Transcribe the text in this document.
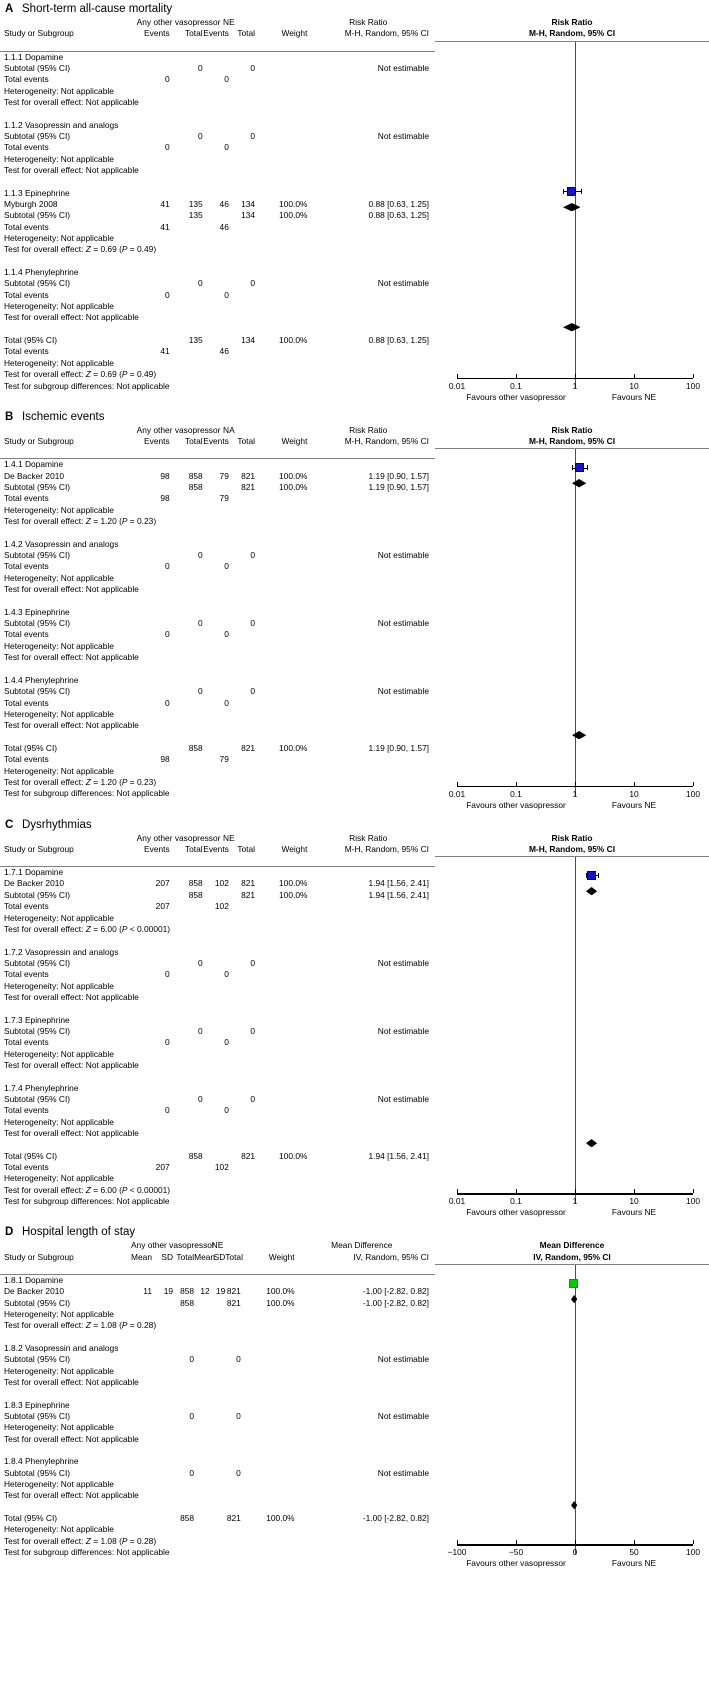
A Short-term all-cause mortality
	Any other vasopressor		NE			Risk Ratio
Study or Subgroup	Events	Total	Events	Total	Weight	M-H, Random, 95% CI

1.1.1 Dopamine						
Subtotal (95% CI)		0		0		Not estimable
Total events	0		0			
Heterogeneity: Not applicable						
Test for overall effect: Not applicable						

1.1.2 Vasopressin and analogs						
Subtotal (95% CI)		0		0		Not estimable
Total events	0		0			
Heterogeneity: Not applicable						
Test for overall effect: Not applicable						

1.1.3 Epinephrine						
Myburgh 2008	41	135	46	134	100.0%	0.88 [0.63, 1.25]
Subtotal (95% CI)		135		134	100.0%	0.88 [0.63, 1.25]
Total events	41		46			
Heterogeneity: Not applicable						
Test for overall effect: Z = 0.69 (P = 0.49)						

1.1.4 Phenylephrine						
Subtotal (95% CI)		0		0		Not estimable
Total events	0		0			
Heterogeneity: Not applicable						
Test for overall effect: Not applicable						

Total (95% CI)		135		134	100.0%	0.88 [0.63, 1.25]
Total events	41		46			
Heterogeneity: Not applicable						
Test for overall effect: Z = 0.69 (P = 0.49)						
Test for subgroup differences: Not applicable						

Risk Ratio
M-H, Random, 95% CI
0.01	0.1	1	10	100
Favours other vasopressor	Favours NE
B Ischemic events
	Any other vasopressor		NA			Risk Ratio
Study or Subgroup	Events	Total	Events	Total	Weight	M-H, Random, 95% CI

1.4.1 Dopamine						
De Backer 2010	98	858	79	821	100.0%	1.19 [0.90, 1.57]
Subtotal (95% CI)		858		821	100.0%	1.19 [0.90, 1.57]
Total events	98		79			
Heterogeneity: Not applicable						
Test for overall effect: Z = 1.20 (P = 0.23)						

1.4.2 Vasopressin and analogs						
Subtotal (95% CI)		0		0		Not estimable
Total events	0		0			
Heterogeneity: Not applicable						
Test for overall effect: Not applicable						

1.4.3 Epinephrine						
Subtotal (95% CI)		0		0		Not estimable
Total events	0		0			
Heterogeneity: Not applicable						
Test for overall effect: Not applicable						

1.4.4 Phenylephrine						
Subtotal (95% CI)		0		0		Not estimable
Total events	0		0			
Heterogeneity: Not applicable						
Test for overall effect: Not applicable						

Total (95% CI)		858		821	100.0%	1.19 [0.90, 1.57]
Total events	98		79			
Heterogeneity: Not applicable						
Test for overall effect: Z = 1.20 (P = 0.23)						
Test for subgroup differences: Not applicable						

Risk Ratio
M-H, Random, 95% CI
0.01	0.1	1	10	100
Favours other vasopressor	Favours NE
C Dysrhythmias
	Any other vasopressor		NE			Risk Ratio
Study or Subgroup	Events	Total	Events	Total	Weight	M-H, Random, 95% CI

1.7.1 Dopamine						
De Backer 2010	207	858	102	821	100.0%	1.94 [1.56, 2.41]
Subtotal (95% CI)		858		821	100.0%	1.94 [1.56, 2.41]
Total events	207		102			
Heterogeneity: Not applicable						
Test for overall effect: Z = 6.00 (P < 0.00001)						

1.7.2 Vasopressin and analogs						
Subtotal (95% CI)		0		0		Not estimable
Total events	0		0			
Heterogeneity: Not applicable						
Test for overall effect: Not applicable						

1.7.3 Epinephrine						
Subtotal (95% CI)		0		0		Not estimable
Total events	0		0			
Heterogeneity: Not applicable						
Test for overall effect: Not applicable						

1.7.4 Phenylephrine						
Subtotal (95% CI)		0		0		Not estimable
Total events	0		0			
Heterogeneity: Not applicable						
Test for overall effect: Not applicable						

Total (95% CI)		858		821	100.0%	1.94 [1.56, 2.41]
Total events	207		102			
Heterogeneity: Not applicable						
Test for overall effect: Z = 6.00 (P < 0.00001)						
Test for subgroup differences: Not applicable						

Risk Ratio
M-H, Random, 95% CI
0.01	0.1	1	10	100
Favours other vasopressor	Favours NE
D Hospital length of stay
	Any other vasopressor			NE				Mean Difference
Study or Subgroup	Mean	SD	Total	Mean	SD	Total	Weight	IV, Random, 95% CI

1.8.1 Dopamine								
De Backer 2010	11	19	858	12	19	821	100.0%	-1.00 [-2.82, 0.82]
Subtotal (95% CI)			858			821	100.0%	-1.00 [-2.82, 0.82]
Heterogeneity: Not applicable								
Test for overall effect: Z = 1.08 (P = 0.28)								

1.8.2 Vasopressin and analogs								
Subtotal (95% CI)			0			0		Not estimable
Heterogeneity: Not applicable								
Test for overall effect: Not applicable								

1.8.3 Epinephrine								
Subtotal (95% CI)			0			0		Not estimable
Heterogeneity: Not applicable								
Test for overall effect: Not applicable								

1.8.4 Phenylephrine								
Subtotal (95% CI)			0			0		Not estimable
Heterogeneity: Not applicable								
Test for overall effect: Not applicable								

Total (95% CI)			858			821	100.0%	-1.00 [-2.82, 0.82]
Heterogeneity: Not applicable								
Test for overall effect: Z = 1.08 (P = 0.28)								
Test for subgroup differences: Not applicable								

Mean Difference
IV, Random, 95% CI
−100	−50	0	50	100
Favours other vasopressor	Favours NE
